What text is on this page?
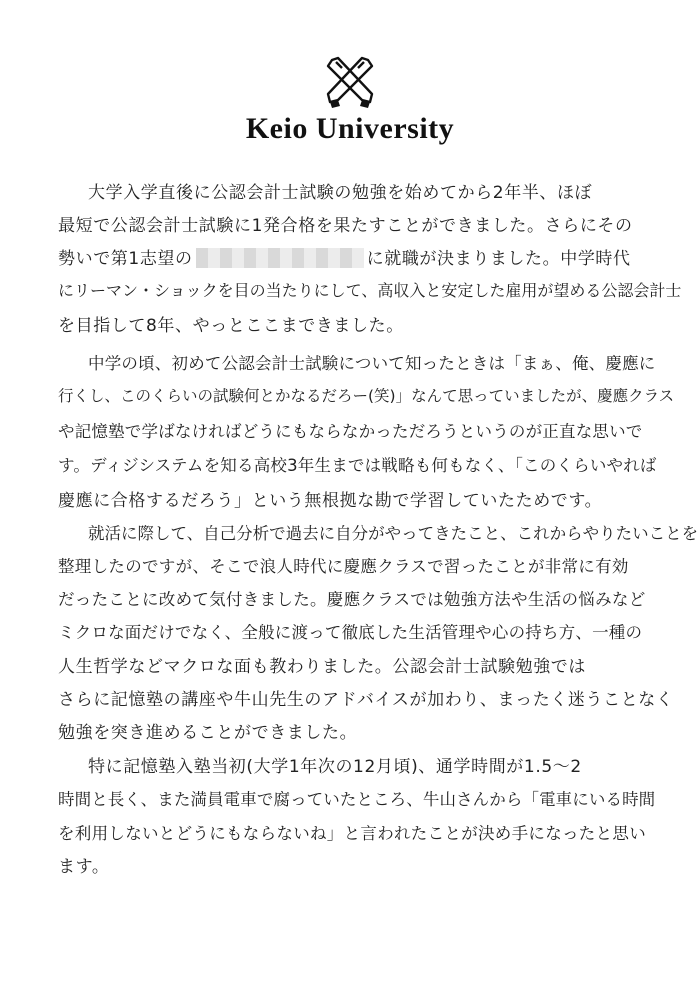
Keio University
大学入学直後に公認会計士試験の勉強を始めてから2年半、ほぼ
最短で公認会計士試験に1発合格を果たすことができました。さらにその
勢いで第1志望の	に就職が決まりました。中学時代
にリーマン・ショックを目の当たりにして、高収入と安定した雇用が望める公認会計士
を目指して8年、やっとここまできました。
中学の頃、初めて公認会計士試験について知ったときは「まぁ、俺、慶應に
行くし、このくらいの試験何とかなるだろー(笑)」なんて思っていましたが、慶應クラス
や記憶塾で学ばなければどうにもならなかっただろうというのが正直な思いで
す。ディジシステムを知る高校3年生までは戦略も何もなく、「このくらいやれば
慶應に合格するだろう」という無根拠な勘で学習していたためです。
就活に際して、自己分析で過去に自分がやってきたこと、これからやりたいことを
整理したのですが、そこで浪人時代に慶應クラスで習ったことが非常に有効
だったことに改めて気付きました。慶應クラスでは勉強方法や生活の悩みなど
ミクロな面だけでなく、全般に渡って徹底した生活管理や心の持ち方、一種の
人生哲学などマクロな面も教わりました。公認会計士試験勉強では
さらに記憶塾の講座や牛山先生のアドバイスが加わり、まったく迷うことなく
勉強を突き進めることができました。
特に記憶塾入塾当初(大学1年次の12月頃)、通学時間が1.5〜2
時間と長く、また満員電車で腐っていたところ、牛山さんから「電車にいる時間
を利用しないとどうにもならないね」と言われたことが決め手になったと思い
ます。
